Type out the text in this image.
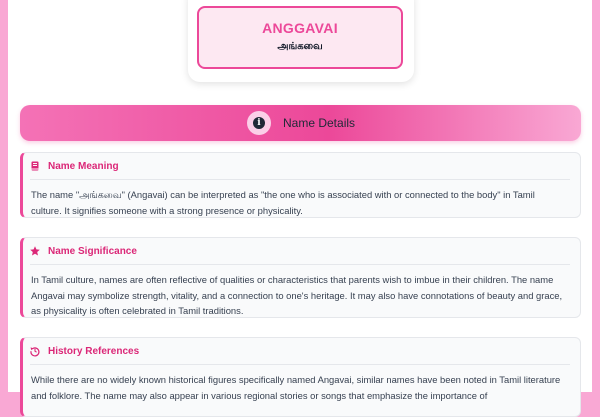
ANGGAVAI
அங்கவை
i	Name Details
Name Meaning
The name "அங்கவை" (Angavai) can be interpreted as "the one who is associated with or connected to the body" in Tamil culture. It signifies someone with a strong presence or physicality.
Name Significance
In Tamil culture, names are often reflective of qualities or characteristics that parents wish to imbue in their children. The name Angavai may symbolize strength, vitality, and a connection to one's heritage. It may also have connotations of beauty and grace, as physicality is often celebrated in Tamil traditions.
History References
While there are no widely known historical figures specifically named Angavai, similar names have been noted in Tamil literature and folklore. The name may also appear in various regional stories or songs that emphasize the importance of
